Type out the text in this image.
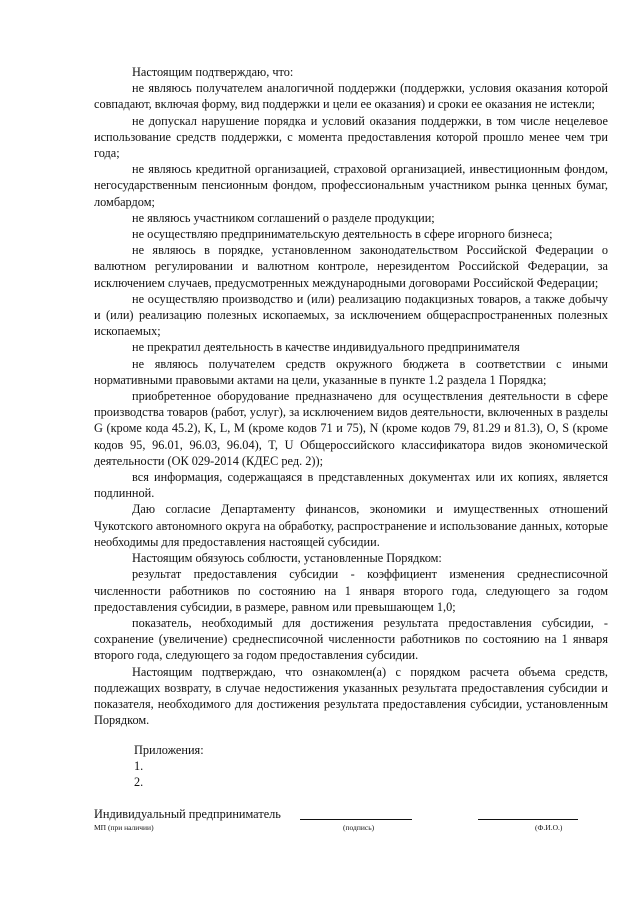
Настоящим подтверждаю, что:

не являюсь получателем аналогичной поддержки (поддержки, условия оказания которой совпадают, включая форму, вид поддержки и цели ее оказания) и сроки ее оказания не истекли;

не допускал нарушение порядка и условий оказания поддержки, в том числе нецелевое использование средств поддержки, с момента предоставления которой прошло менее чем три года;

не являюсь кредитной организацией, страховой организацией, инвестиционным фондом, негосударственным пенсионным фондом, профессиональным участником рынка ценных бумаг, ломбардом;

не являюсь участником соглашений о разделе продукции;

не осуществляю предпринимательскую деятельность в сфере игорного бизнеса;

не являюсь в порядке, установленном законодательством Российской Федерации о валютном регулировании и валютном контроле, нерезидентом Российской Федерации, за исключением случаев, предусмотренных международными договорами Российской Федерации;

не осуществляю производство и (или) реализацию подакцизных товаров, а также добычу и (или) реализацию полезных ископаемых, за исключением общераспространенных полезных ископаемых;

не прекратил деятельность в качестве индивидуального предпринимателя

не являюсь получателем средств окружного бюджета в соответствии с иными нормативными правовыми актами на цели, указанные в пункте 1.2 раздела 1 Порядка;

приобретенное оборудование предназначено для осуществления деятельности в сфере производства товаров (работ, услуг), за исключением видов деятельности, включенных в разделы G (кроме кода 45.2), K, L, M (кроме кодов 71 и 75), N (кроме кодов 79, 81.29 и 81.3), O, S (кроме кодов 95, 96.01, 96.03, 96.04), T, U Общероссийского классификатора видов экономической деятельности (ОК 029-2014 (КДЕС ред. 2));

вся информация, содержащаяся в представленных документах или их копиях, является подлинной.

Даю согласие Департаменту финансов, экономики и имущественных отношений Чукотского автономного округа на обработку, распространение и использование данных, которые необходимы для предоставления настоящей субсидии.

Настоящим обязуюсь соблюсти, установленные Порядком:

результат предоставления субсидии - коэффициент изменения среднесписочной численности работников по состоянию на 1 января второго года, следующего за годом предоставления субсидии, в размере, равном или превышающем 1,0;

показатель, необходимый для достижения результата предоставления субсидии, - сохранение (увеличение) среднесписочной численности работников по состоянию на 1 января второго года, следующего за годом предоставления субсидии.

Настоящим подтверждаю, что ознакомлен(а) с порядком расчета объема средств, подлежащих возврату, в случае недостижения указанных результата предоставления субсидии и показателя, необходимого для достижения результата предоставления субсидии, установленным Порядком.

Приложения:
1.
2.
Индивидуальный предприниматель
МП (при наличии)	(подпись)	(Ф.И.О.)
